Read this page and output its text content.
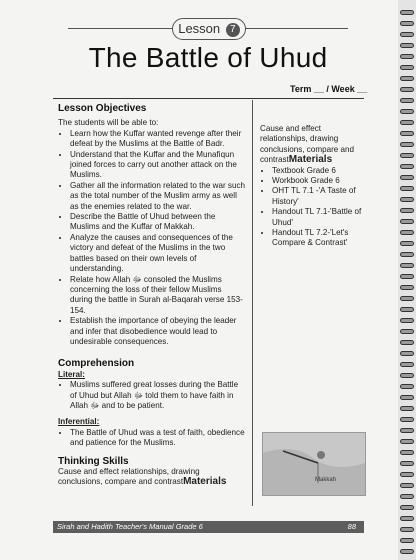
Lesson 7
The Battle of Uhud
Term __ / Week __
Lesson Objectives
The students will be able to:
• Learn how the Kuffar wanted revenge after their defeat by the Muslims at the Battle of Badr.
• Understand that the Kuffar and the Munafiqun joined forces to carry out another attack on the Muslims.
• Gather all the information related to the war such as the total number of the Muslim army as well as the enemies related to the war.
• Describe the Battle of Uhud between the Muslims and the Kuffar of Makkah.
• Analyze the causes and consequences of the victory and defeat of the Muslims in the two battles based on their own levels of understanding.
• Relate how Allah ﷻ consoled the Muslims concerning the loss of their fellow Muslims during the battle in Surah al-Baqarah verse 153-154.
• Establish the importance of obeying the leader and infer that disobedience would lead to undesirable consequences.
Comprehension
Literal:
• Muslims suffered great losses during the Battle of Uhud but Allah ﷻ told them to have faith in Allah ﷻ and to be patient.
Inferential:
• The Battle of Uhud was a test of faith, obedience and patience for the Muslims.
Thinking Skills
Cause and effect relationships, drawing conclusions, compare and contrastMaterials
Cause and effect relationships, drawing conclusions, compare and contrastMaterials
• Textbook Grade 6
• Workbook Grade 6
• OHT TL 7.1 -'A Taste of History'
• Handout TL 7.1-'Battle of Uhud'
• Handout TL 7.2-'Let's Compare & Contrast'
Makkah
Sirah and Hadith Teacher's Manual Grade 6	88
